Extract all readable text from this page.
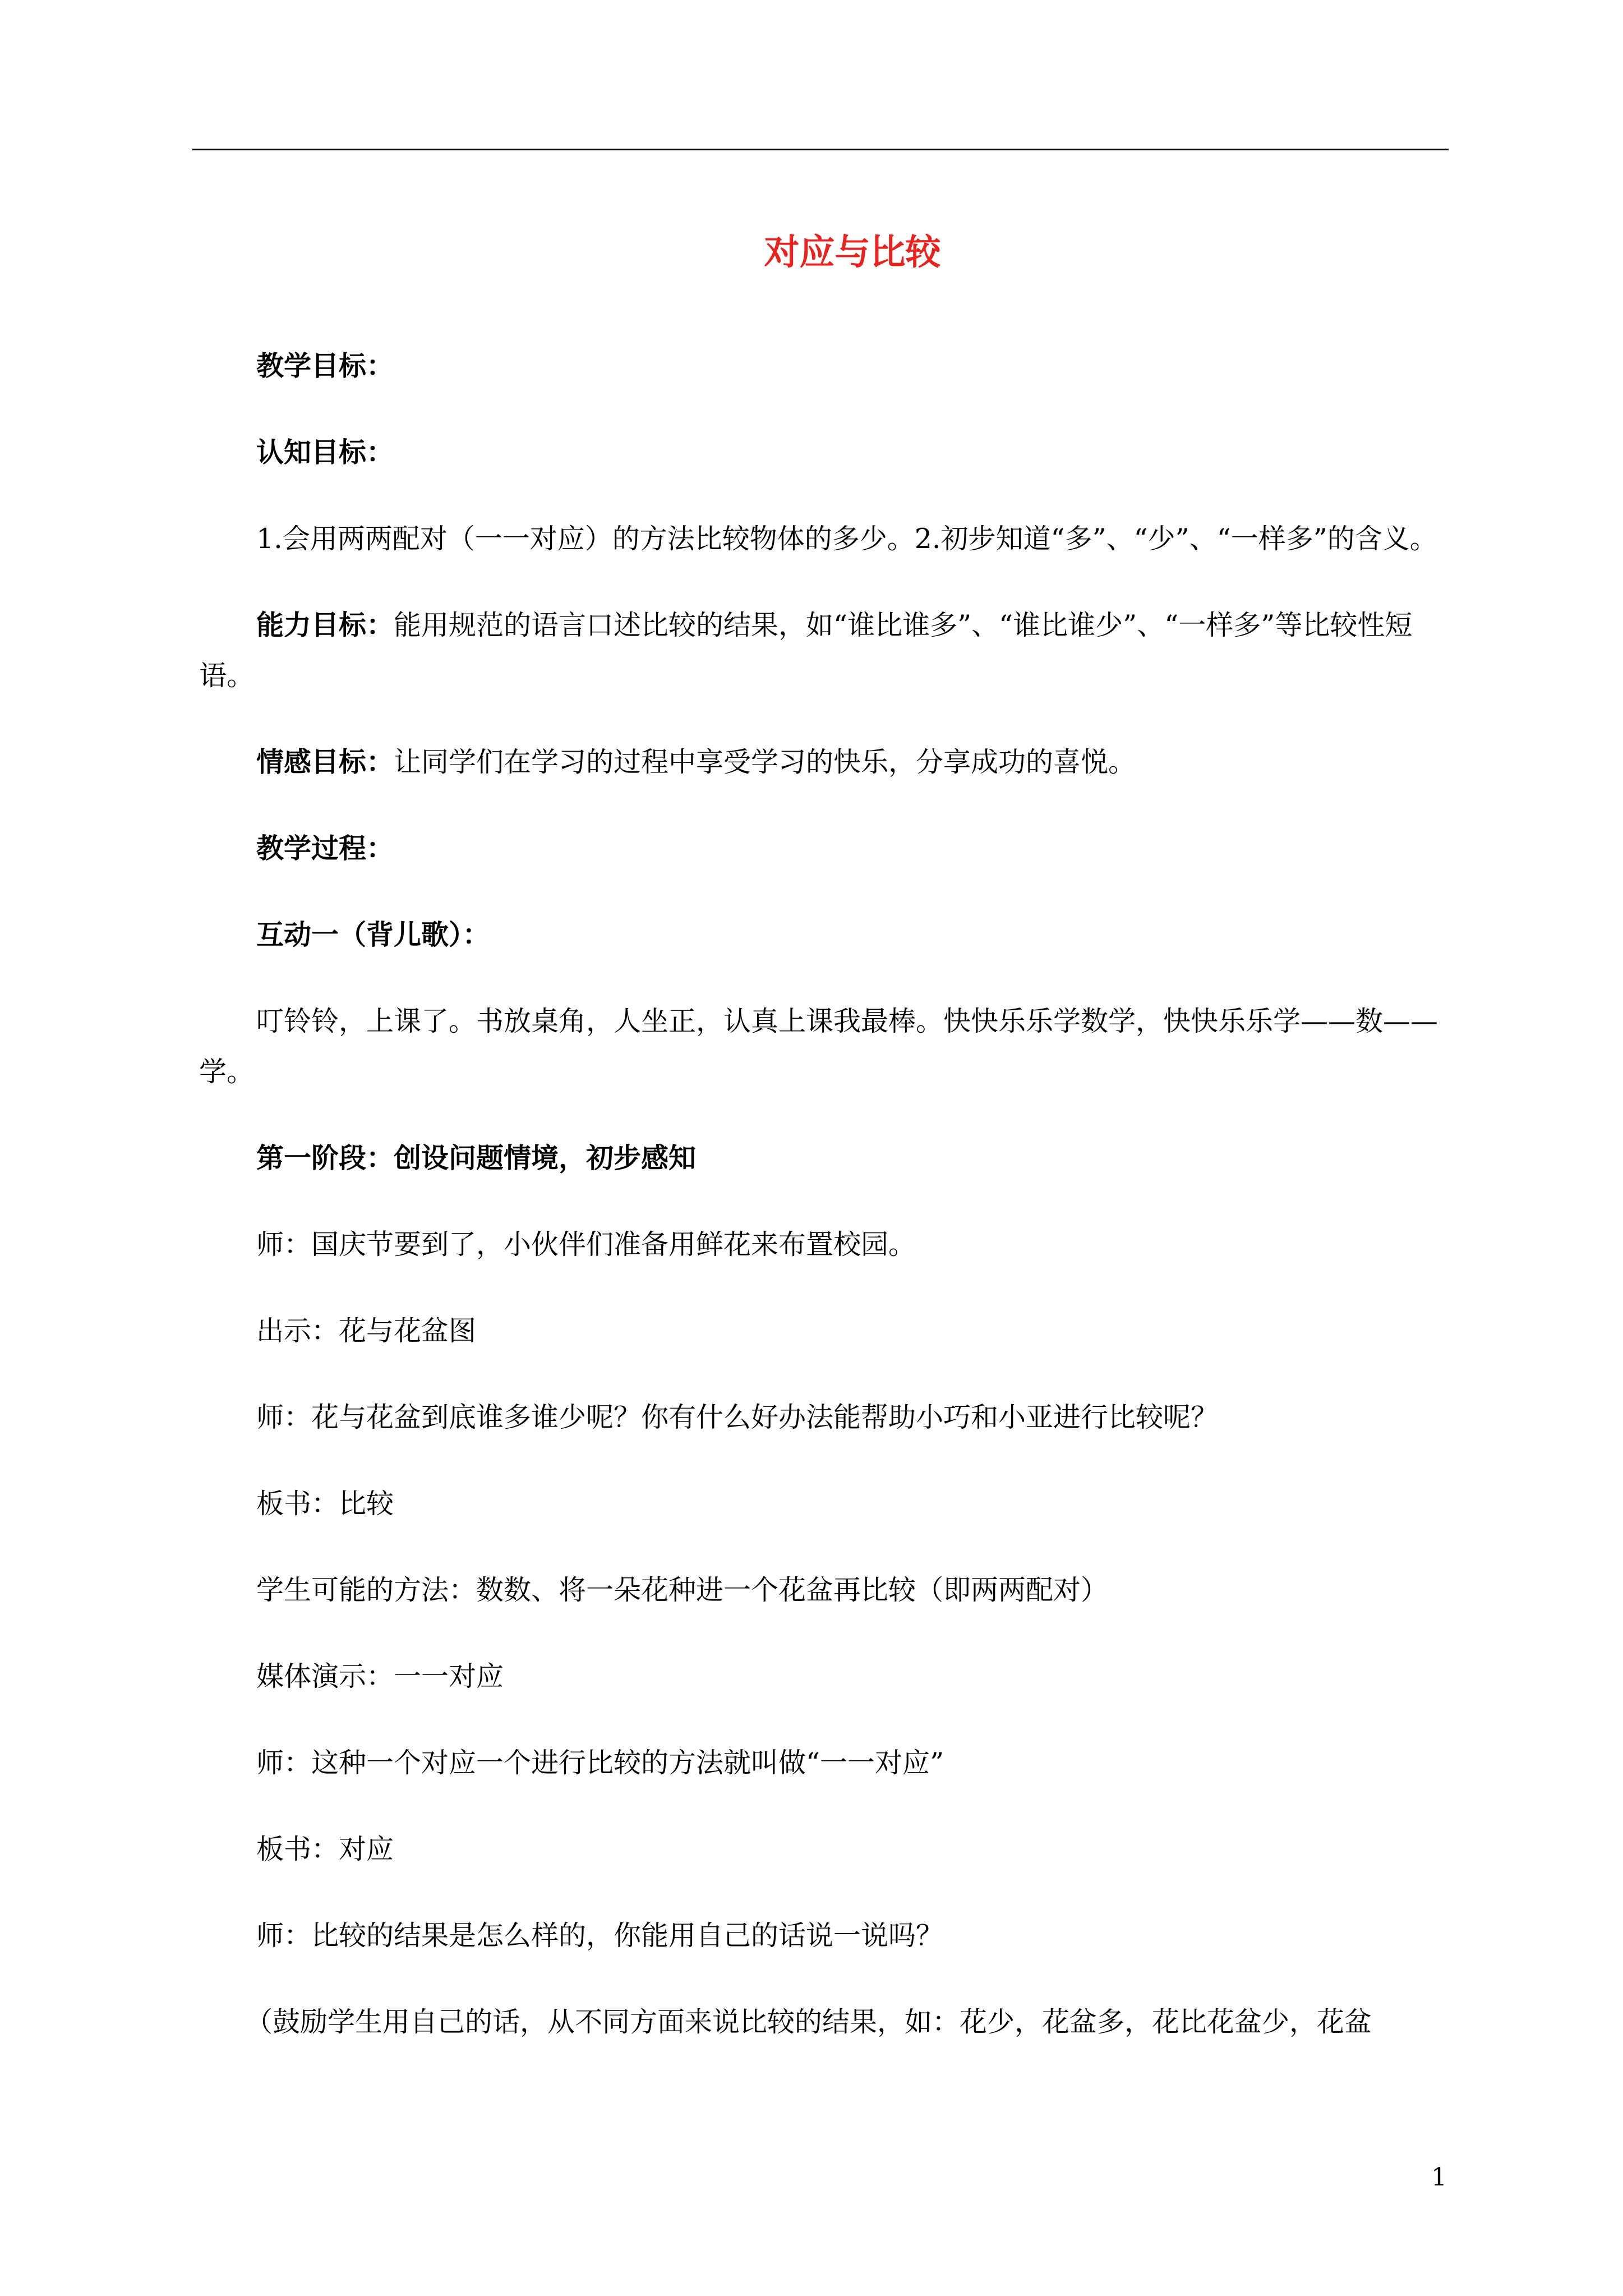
对应与比较

教学目标：

认知目标：

1.会用两两配对（一一对应）的方法比较物体的多少。2.初步知道“多”、“少”、“一样多”的含义。

能力目标：能用规范的语言口述比较的结果，如“谁比谁多”、“谁比谁少”、“一样多”等比较性短语。

情感目标：让同学们在学习的过程中享受学习的快乐，分享成功的喜悦。

教学过程：

互动一（背儿歌）：

叮铃铃，上课了。书放桌角，人坐正，认真上课我最棒。快快乐乐学数学，快快乐乐学——数——学。

第一阶段：创设问题情境，初步感知

师：国庆节要到了，小伙伴们准备用鲜花来布置校园。

出示：花与花盆图

师：花与花盆到底谁多谁少呢？你有什么好办法能帮助小巧和小亚进行比较呢？

板书：比较

学生可能的方法：数数、将一朵花种进一个花盆再比较（即两两配对）

媒体演示：一一对应

师：这种一个对应一个进行比较的方法就叫做“一一对应”

板书：对应

师：比较的结果是怎么样的，你能用自己的话说一说吗？

（鼓励学生用自己的话，从不同方面来说比较的结果，如：花少，花盆多，花比花盆少，花盆

1
